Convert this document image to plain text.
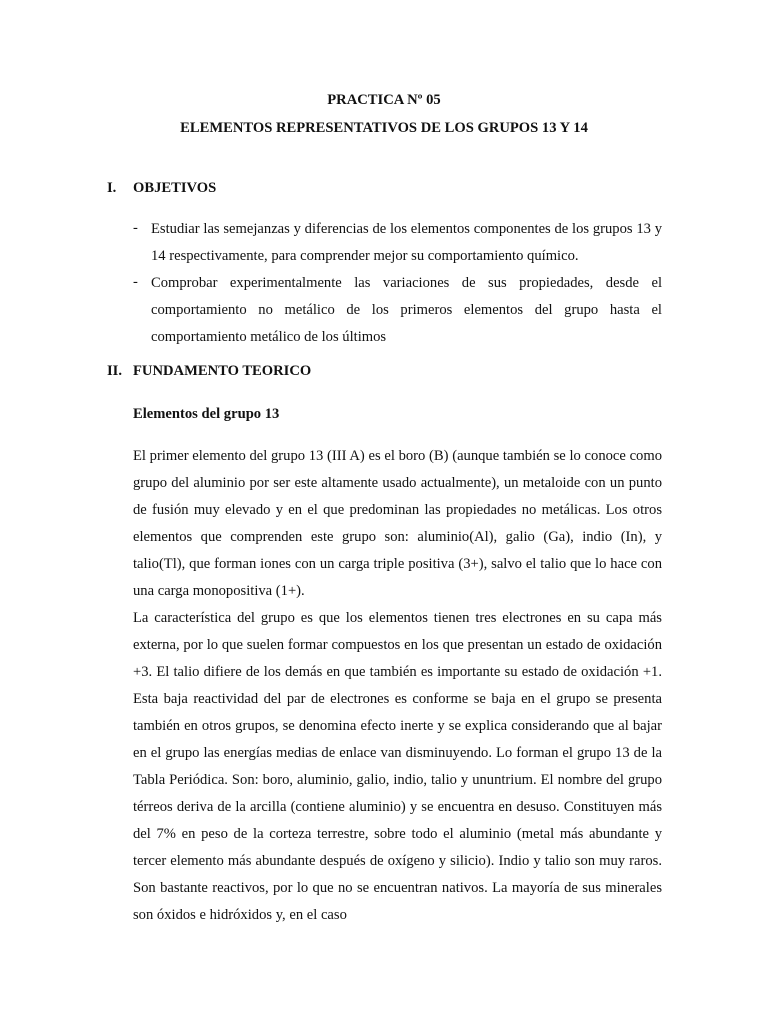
PRACTICA Nº 05
ELEMENTOS REPRESENTATIVOS DE LOS GRUPOS 13 Y 14
I. OBJETIVOS
- Estudiar las semejanzas y diferencias de los elementos componentes de los grupos 13 y 14 respectivamente, para comprender mejor su comportamiento químico.
- Comprobar experimentalmente las variaciones de sus propiedades, desde el comportamiento no metálico de los primeros elementos del grupo hasta el comportamiento metálico de los últimos
II. FUNDAMENTO TEORICO
Elementos del grupo 13

El primer elemento del grupo 13 (III A) es el boro (B) (aunque también se lo conoce como grupo del aluminio por ser este altamente usado actualmente), un metaloide con un punto de fusión muy elevado y en el que predominan las propiedades no metálicas. Los otros elementos que comprenden este grupo son: aluminio(Al), galio (Ga), indio (In), y talio(Tl), que forman iones con un carga triple positiva (3+), salvo el talio que lo hace con una carga monopositiva (1+).

La característica del grupo es que los elementos tienen tres electrones en su capa más externa, por lo que suelen formar compuestos en los que presentan un estado de oxidación +3. El talio difiere de los demás en que también es importante su estado de oxidación +1. Esta baja reactividad del par de electrones es conforme se baja en el grupo se presenta también en otros grupos, se denomina efecto inerte y se explica considerando que al bajar en el grupo las energías medias de enlace van disminuyendo. Lo forman el grupo 13 de la Tabla Periódica. Son: boro, aluminio, galio, indio, talio y ununtrium. El nombre del grupo térreos deriva de la arcilla (contiene aluminio) y se encuentra en desuso. Constituyen más del 7% en peso de la corteza terrestre, sobre todo el aluminio (metal más abundante y tercer elemento más abundante después de oxígeno y silicio). Indio y talio son muy raros. Son bastante reactivos, por lo que no se encuentran nativos. La mayoría de sus minerales son óxidos e hidróxidos y, en el caso
